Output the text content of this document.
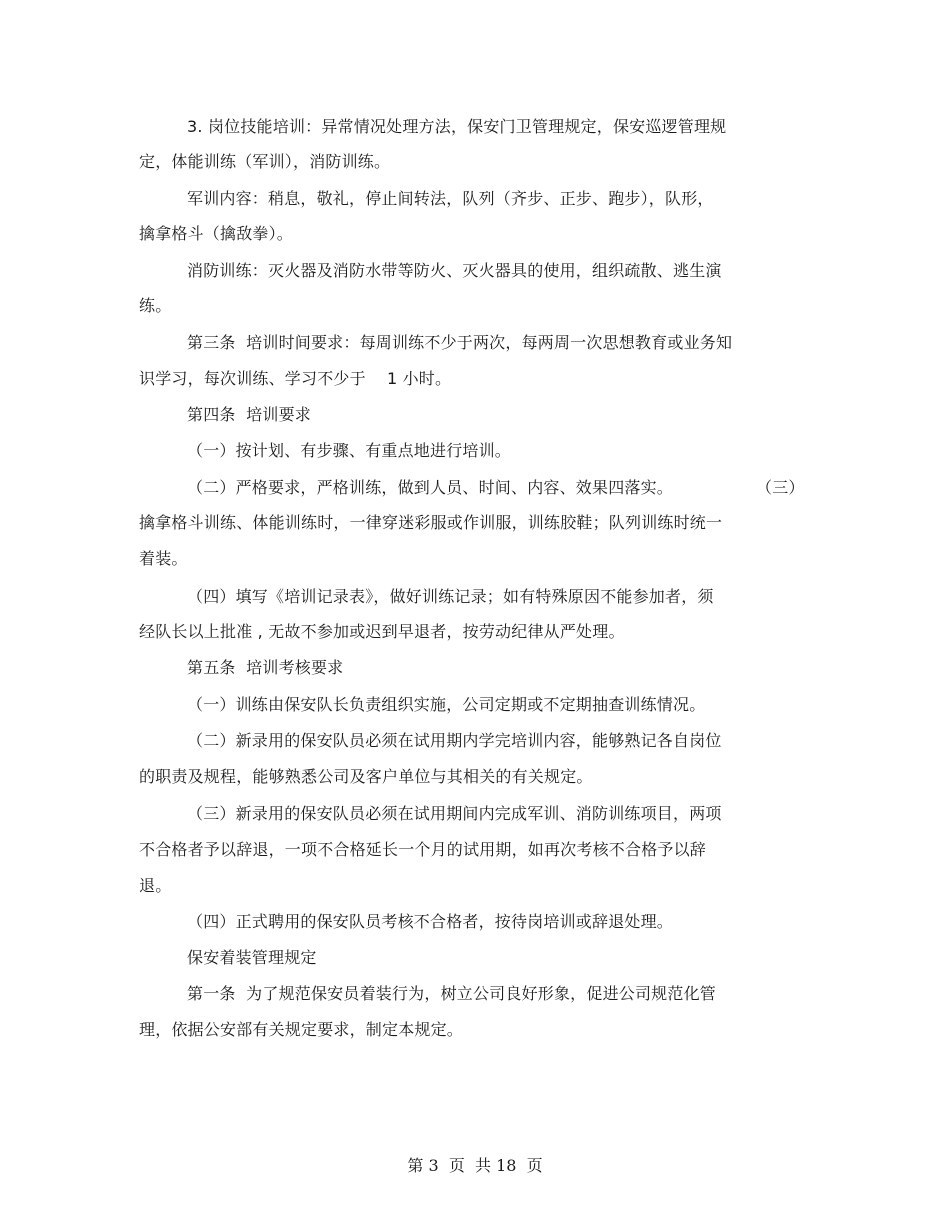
3. 岗位技能培训：异常情况处理方法，保安门卫管理规定，保安巡逻管理规
定，体能训练（军训），消防训练。
军训内容：稍息，敬礼，停止间转法，队列（齐步、正步、跑步），队形，
擒拿格斗（擒敌拳）。
消防训练：灭火器及消防水带等防火、灭火器具的使用，组织疏散、逃生演
练。
第三条  培训时间要求：每周训练不少于两次，每两周一次思想教育或业务知
识学习，每次训练、学习不少于    1 小时。
第四条  培训要求
（一）按计划、有步骤、有重点地进行培训。
（二）严格要求，严格训练，做到人员、时间、内容、效果四落实。	（三）
擒拿格斗训练、体能训练时，一律穿迷彩服或作训服，训练胶鞋；队列训练时统一
着装。
（四）填写《培训记录表》，做好训练记录；如有特殊原因不能参加者，须
经队长以上批准 , 无故不参加或迟到早退者，按劳动纪律从严处理。
第五条  培训考核要求
（一）训练由保安队长负责组织实施，公司定期或不定期抽查训练情况。
（二）新录用的保安队员必须在试用期内学完培训内容，能够熟记各自岗位
的职责及规程，能够熟悉公司及客户单位与其相关的有关规定。
（三）新录用的保安队员必须在试用期间内完成军训、消防训练项目，两项
不合格者予以辞退，一项不合格延长一个月的试用期，如再次考核不合格予以辞
退。
（四）正式聘用的保安队员考核不合格者，按待岗培训或辞退处理。
保安着装管理规定
第一条  为了规范保安员着装行为，树立公司良好形象，促进公司规范化管
理，依据公安部有关规定要求，制定本规定。
第 3  页  共 18  页
